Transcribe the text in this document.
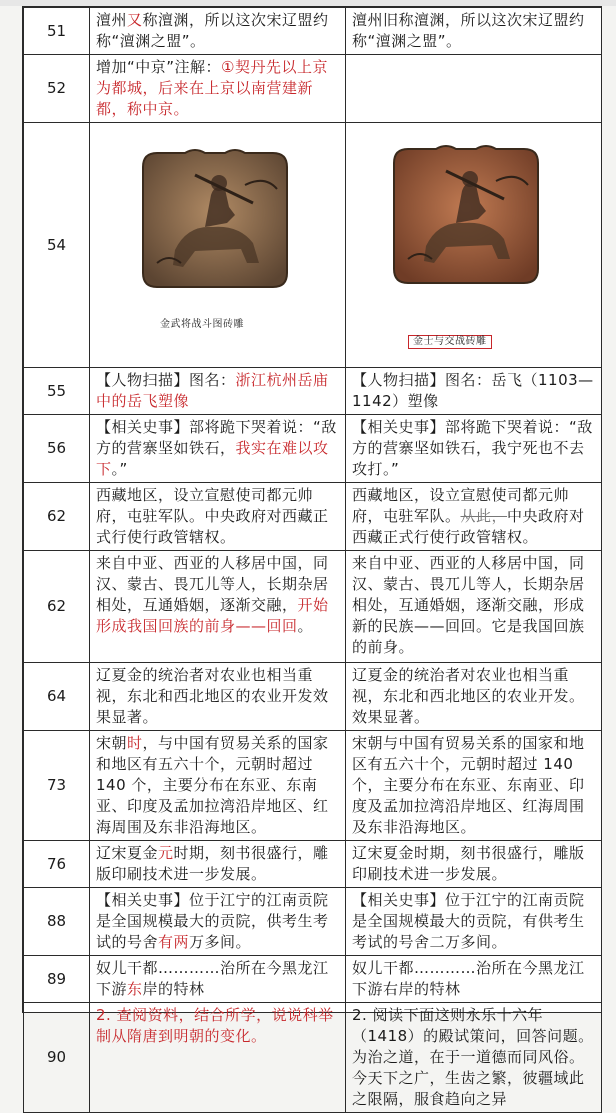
51	澶州又称澶渊，所以这次宋辽盟约称“澶渊之盟”。	澶州旧称澶渊，所以这次宋辽盟约称“澶渊之盟”。
52	增加“中京”注解：①契丹先以上京为都城，后来在上京以南营建新都，称中京。	
54	金武将战斗图砖雕	金士与交战砖雕

55	【人物扫描】图名：浙江杭州岳庙中的岳飞塑像	【人物扫描】图名：岳飞（1103—1142）塑像
56	【相关史事】部将跪下哭着说：“敌方的营寨坚如铁石，我实在难以攻下。”	【相关史事】部将跪下哭着说：“敌方的营寨坚如铁石，我宁死也不去攻打。”
62	西藏地区，设立宣慰使司都元帅府，屯驻军队。中央政府对西藏正式行使行政管辖权。	西藏地区，设立宣慰使司都元帅府，屯驻军队。从此，中央政府对西藏正式行使行政管辖权。
62	来自中亚、西亚的人移居中国，同汉、蒙古、畏兀儿等人，长期杂居相处，互通婚姻，逐渐交融，开始形成我国回族的前身——回回。	来自中亚、西亚的人移居中国，同汉、蒙古、畏兀儿等人，长期杂居相处，互通婚姻，逐渐交融，形成新的民族——回回。它是我国回族的前身。
64	辽夏金的统治者对农业也相当重视，东北和西北地区的农业开发效果显著。	辽夏金的统治者对农业也相当重视，东北和西北地区的农业开发。效果显著。
73	宋朝时，与中国有贸易关系的国家和地区有五六十个，元朝时超过 140 个，主要分布在东亚、东南亚、印度及孟加拉湾沿岸地区、红海周围及东非沿海地区。	宋朝与中国有贸易关系的国家和地区有五六十个，元朝时超过 140 个，主要分布在东亚、东南亚、印度及孟加拉湾沿岸地区、红海周围及东非沿海地区。
76	辽宋夏金元时期，刻书很盛行，雕版印刷技术进一步发展。	辽宋夏金时期，刻书很盛行，雕版印刷技术进一步发展。
88	【相关史事】位于江宁的江南贡院是全国规模最大的贡院，供考生考试的号舍有两万多间。	【相关史事】位于江宁的江南贡院是全国规模最大的贡院，有供考生考试的号舍二万多间。
89	奴儿干都…………治所在今黑龙江下游东岸的特林	奴儿干都…………治所在今黑龙江下游右岸的特林
90	2. 查阅资料，结合所学，说说科举制从隋唐到明朝的变化。	2. 阅读下面这则永乐十六年（1418）的殿试策问，回答问题。为治之道，在于一道德而同风俗。今天下之广，生齿之繁，彼疆域此之限隔，服食趋向之异
